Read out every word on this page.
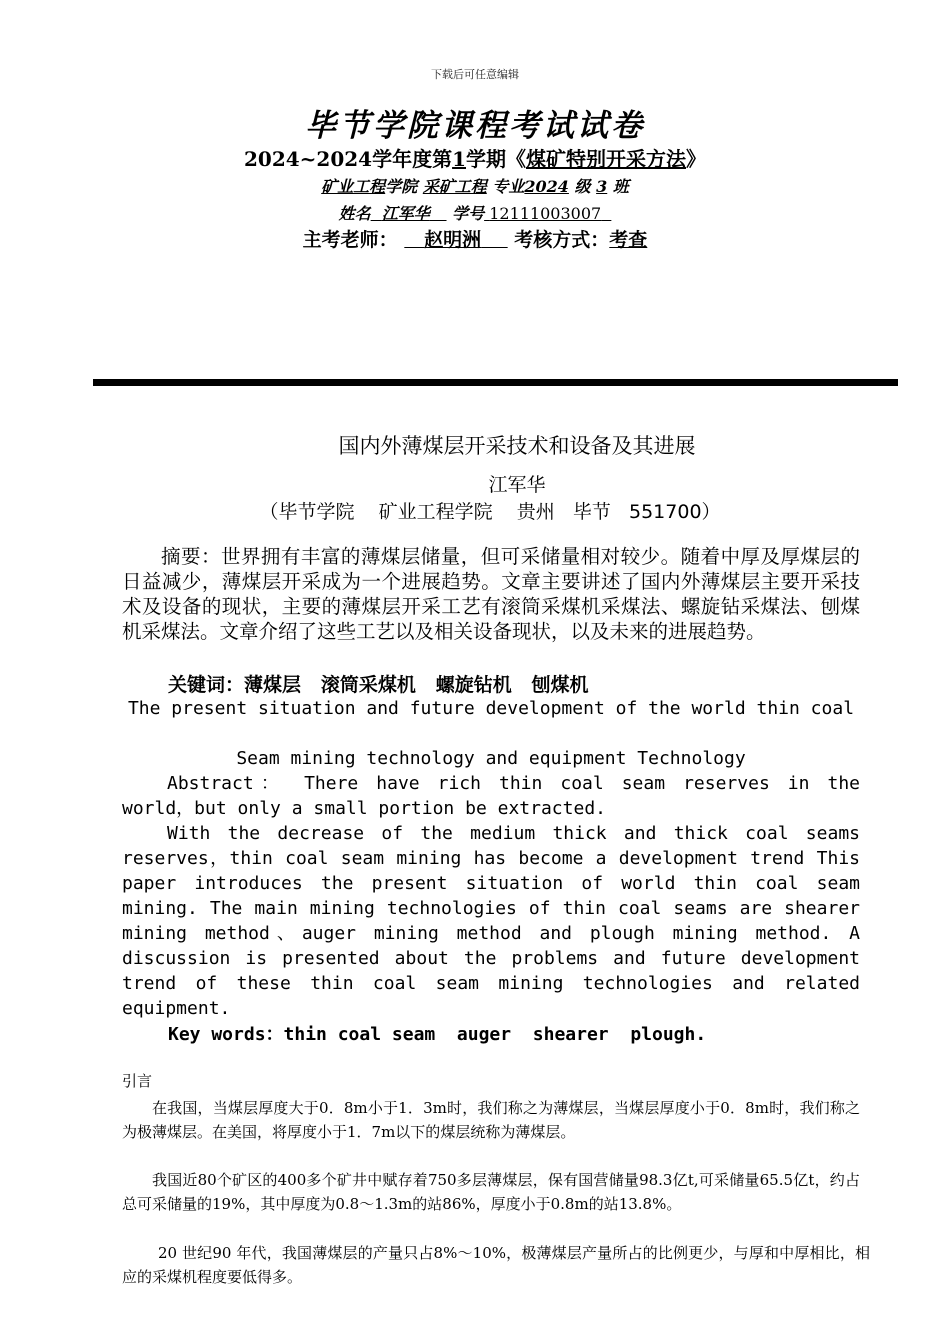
下载后可任意编辑
毕节学院课程考试试卷
2024~2024学年度第1学期《煤矿特别开采方法》
矿业工程学院 采矿工程 专业2024 级 3 班
姓名 江军华 学号 12111003007
主考老师： 赵明洲 考核方式：考查
国内外薄煤层开采技术和设备及其进展
江军华
（毕节学院    矿业工程学院    贵州   毕节   551700）
摘要：世界拥有丰富的薄煤层储量，但可采储量相对较少。随着中厚及厚煤层的日益减少，薄煤层开采成为一个进展趋势。文章主要讲述了国内外薄煤层主要开采技术及设备的现状，主要的薄煤层开采工艺有滚筒采煤机采煤法、螺旋钻采煤法、刨煤机采煤法。文章介绍了这些工艺以及相关设备现状，以及未来的进展趋势。
关键词：薄煤层   滚筒采煤机   螺旋钻机   刨煤机
The present situation and future development of the world thin coal
Seam mining technology and equipment Technology
Abstract： There have rich thin coal seam reserves in the world，but only a small portion be extracted.
With the decrease of the medium thick and thick coal seams reserves，thin coal seam mining has become a development trend This paper introduces the present situation of world thin coal seam mining. The main mining technologies of thin coal seams are shearer mining method、auger mining method and plough mining method. A discussion is presented about the problems and future development trend of these thin coal seam mining technologies and related equipment.
Key words：thin coal seam  auger  shearer  plough.
引言
在我国，当煤层厚度大于0．8m小于1．3m时，我们称之为薄煤层，当煤层厚度小于0．8m时，我们称之为极薄煤层。在美国，将厚度小于1．7m以下的煤层统称为薄煤层。
我国近80个矿区的400多个矿井中赋存着750多层薄煤层，保有国营储量98.3亿t,可采储量65.5亿t，约占总可采储量的19%，其中厚度为0.8～1.3m的站86%，厚度小于0.8m的站13.8%。
20 世纪90 年代，我国薄煤层的产量只占8%～10%，极薄煤层产量所占的比例更少，与厚和中厚相比，相应的采煤机程度要低得多。
